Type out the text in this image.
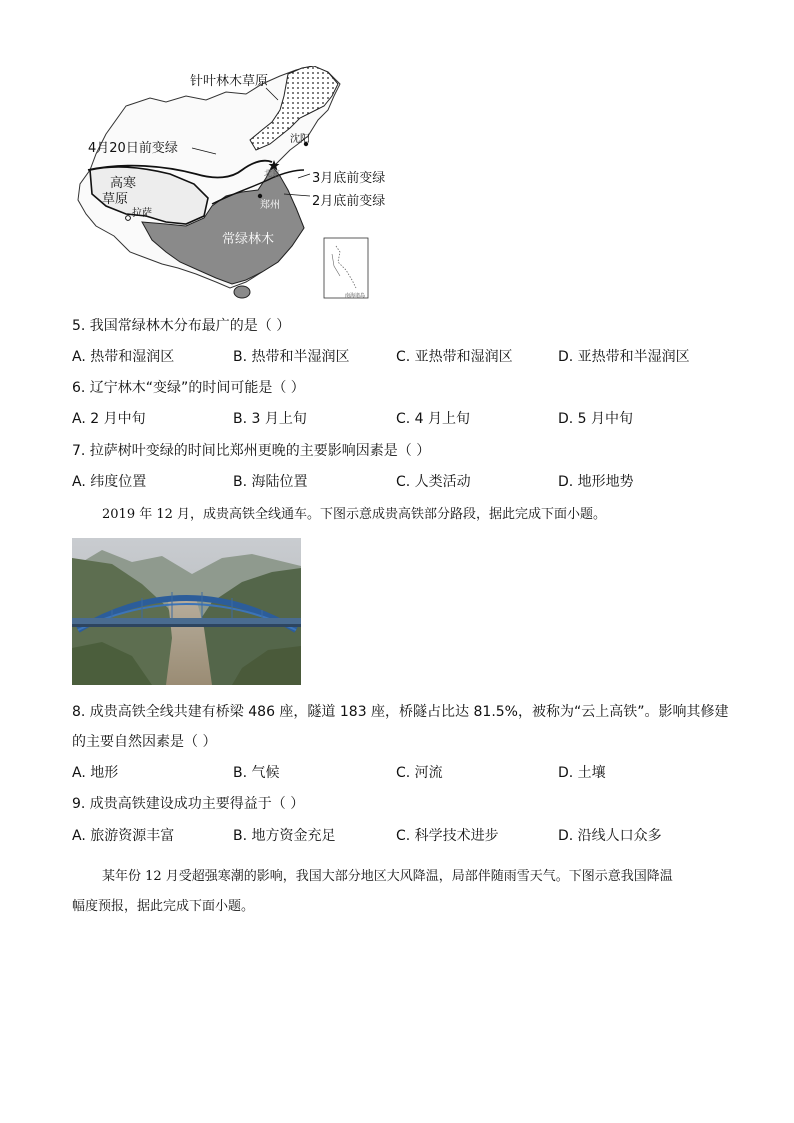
针叶林木草原
4月20日前变绿
高寒
草原
拉萨
沈阳
北京
郑州
3月底前变绿
2月底前变绿
常绿林木
南海诸岛
5. 我国常绿林木分布最广的是（ ）
A. 热带和湿润区	B. 热带和半湿润区	C. 亚热带和湿润区	D. 亚热带和半湿润区
6. 辽宁林木“变绿”的时间可能是（ ）
A. 2 月中旬	B. 3 月上旬	C. 4 月上旬	D. 5 月中旬
7. 拉萨树叶变绿的时间比郑州更晚的主要影响因素是（ ）
A. 纬度位置	B. 海陆位置	C. 人类活动	D. 地形地势
2019 年 12 月，成贵高铁全线通车。下图示意成贵高铁部分路段，据此完成下面小题。
8. 成贵高铁全线共建有桥梁 486 座，隧道 183 座，桥隧占比达 81.5%，被称为“云上高铁”。影响其修建
的主要自然因素是（ ）
A. 地形	B. 气候	C. 河流	D. 土壤
9. 成贵高铁建设成功主要得益于（ ）
A. 旅游资源丰富	B. 地方资金充足	C. 科学技术进步	D. 沿线人口众多
某年份 12 月受超强寒潮的影响，我国大部分地区大风降温，局部伴随雨雪天气。下图示意我国降温
幅度预报，据此完成下面小题。
